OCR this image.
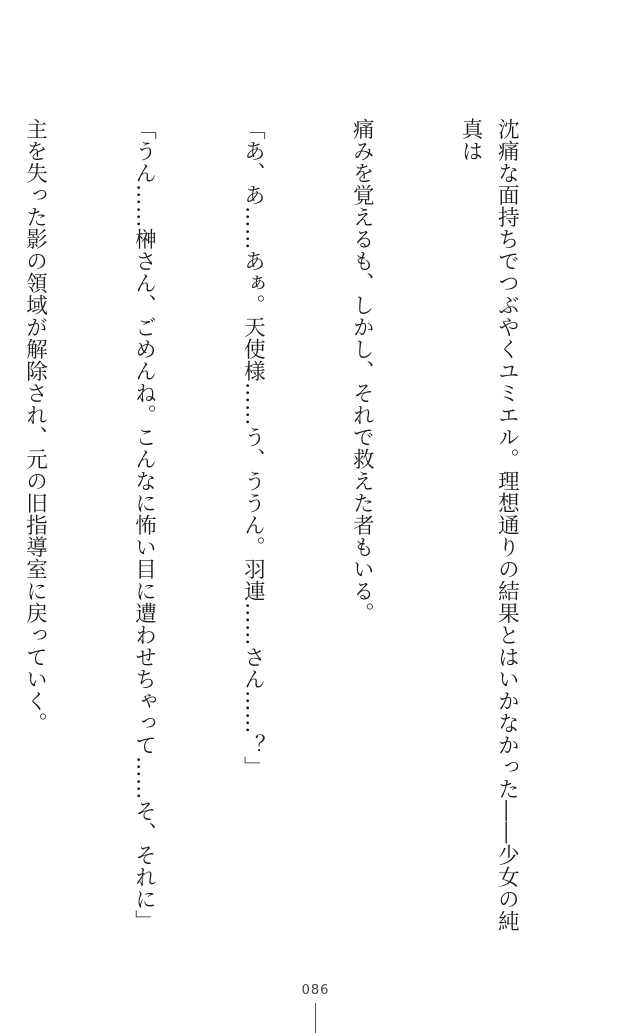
沈痛な面持ちでつぶやくユミエル。理想通りの結果とはいかなかった――少女の純真は

痛みを覚えるも、しかし、それで救えた者もいる。

「あ、あ……あぁ。天使様……う、ううん。羽連……さん……？」

「うん……榊さん、ごめんね。こんなに怖い目に遭わせちゃって……そ、それに」

主を失った影の領域が解除され、元の旧指導室に戻っていく。

086
